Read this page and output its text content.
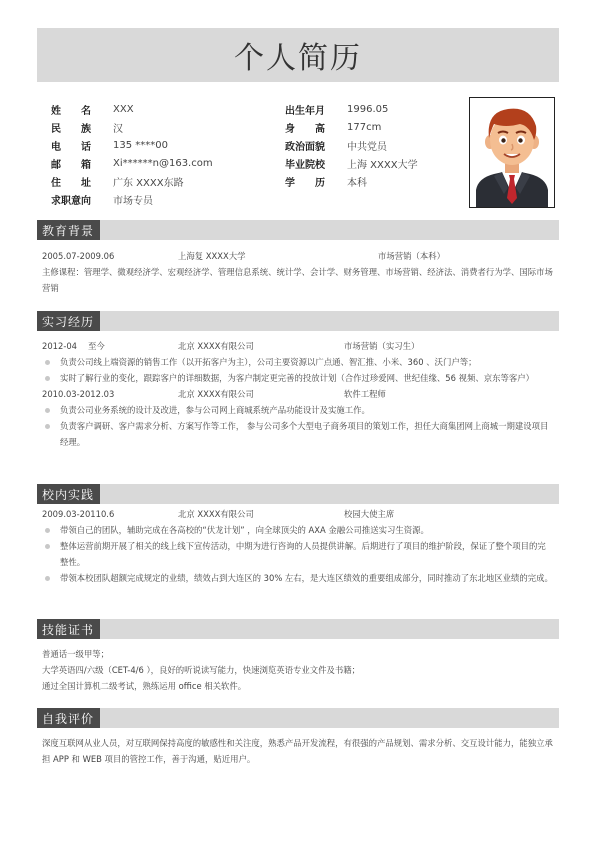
个人简历
姓　　名	XXX
民　　族	汉
电　　话	135 ****00
邮　　箱	Xi******n@163.com
住　　址	广东 XXXX东路
求职意向	市场专员
出生年月	1996.05
身　　高	177cm
政治面貌	中共党员
毕业院校	上海 XXXX大学
学　　历	本科
教育背景
2005.07-2009.06	上海复 XXXX大学	市场营销（本科）
主修课程：管理学、微观经济学、宏观经济学、管理信息系统、统计学、会计学、财务管理、市场营销、经济法、消费者行为学、国际市场营销
实习经历
2012-04 至今	北京 XXXX有限公司	市场营销（实习生）
负责公司线上端资源的销售工作（以开拓客户为主），公司主要资源以广点通、智汇推、小米、360 、沃门户等；
实时了解行业的变化，跟踪客户的详细数据，为客户制定更完善的投放计划（合作过珍爱网、世纪佳缘、56 视频、京东等客户）
2010.03-2012.03	北京 XXXX有限公司	软件工程师
负责公司业务系统的设计及改进，参与公司网上商城系统产品功能设计及实施工作。
负责客户调研、客户需求分析、方案写作等工作， 参与公司多个大型电子商务项目的策划工作，担任大商集团网上商城一期建设项目经理。
校内实践
2009.03-20110.6	北京 XXXX有限公司	校园大使主席
带领自己的团队，辅助完成在各高校的“伏龙计划” ，向全球顶尖的 AXA 金融公司推送实习生资源。
整体运营前期开展了相关的线上线下宣传活动，中期为进行咨询的人员提供讲解。后期进行了项目的维护阶段，保证了整个项目的完整性。
带领本校团队超额完成规定的业绩，绩效占到大连区的 30% 左右，是大连区绩效的重要组成部分，同时推动了东北地区业绩的完成。
技能证书
普通话一级甲等；
大学英语四/六级（CET-4/6 ），良好的听说读写能力，快速浏览英语专业文件及书籍；
通过全国计算机二级考试，熟练运用 office 相关软件。
自我评价
深度互联网从业人员，对互联网保持高度的敏感性和关注度，熟悉产品开发流程，有很强的产品规划、需求分析、交互设计能力，能独立承担 APP 和 WEB 项目的管控工作，善于沟通，贴近用户。
